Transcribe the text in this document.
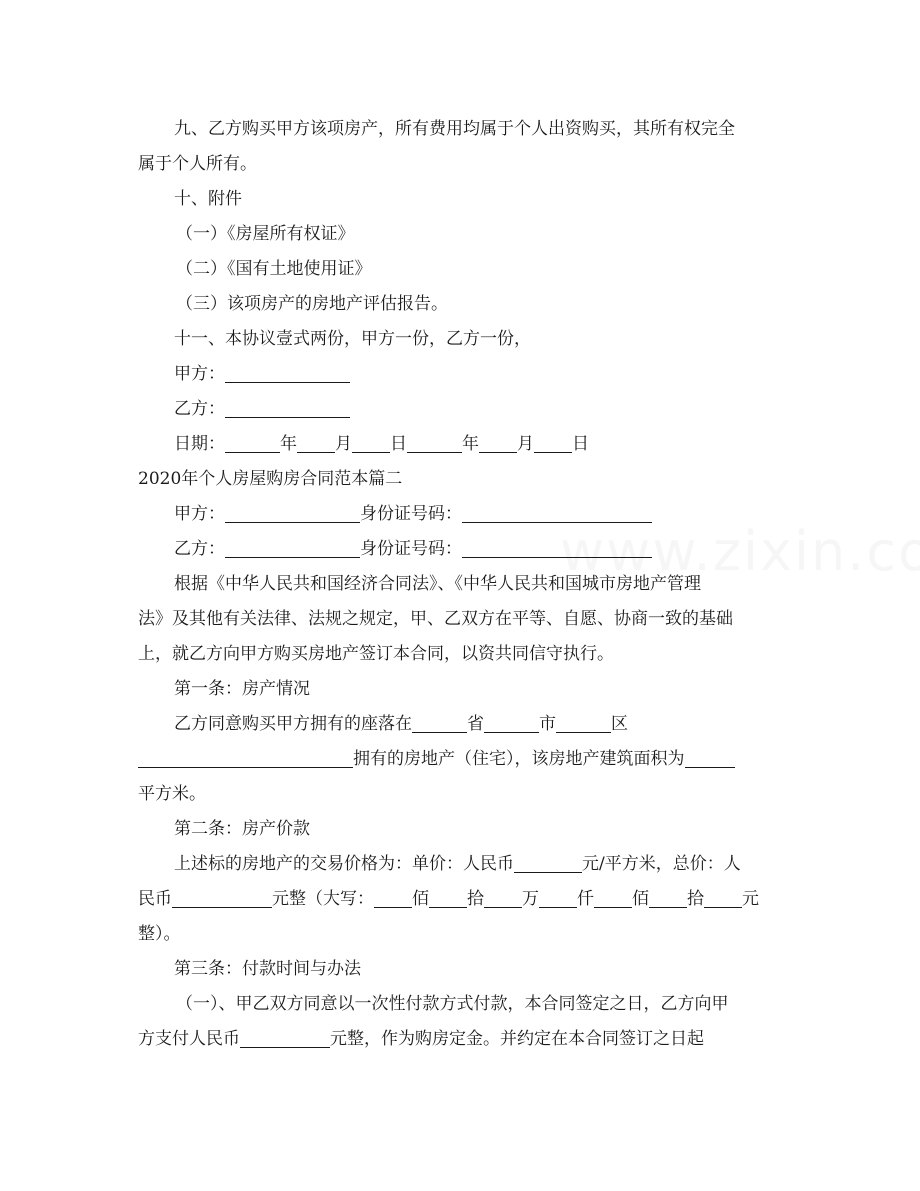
九、乙方购买甲方该项房产，所有费用均属于个人出资购买，其所有权完全

属于个人所有。

十、附件

（一）《房屋所有权证》

（二）《国有土地使用证》

（三）该项房产的房地产评估报告。

十一、本协议壹式两份，甲方一份，乙方一份，

甲方：

乙方：

日期：	年 月 日	年 月 日

2020年个人房屋购房合同范本篇二

甲方：	身份证号码：

乙方：	身份证号码：

根据《中华人民共和国经济合同法》、《中华人民共和国城市房地产管理

法》及其他有关法律、法规之规定，甲、乙双方在平等、自愿、协商一致的基础

上，就乙方向甲方购买房地产签订本合同，以资共同信守执行。

第一条：房产情况

乙方同意购买甲方拥有的座落在	省	市	区

拥有的房地产（住宅），该房地产建筑面积为

平方米。

第二条：房产价款

上述标的房地产的交易价格为：单价：人民币	元/平方米，总价：人

民币	元整（大写： 佰 拾 万 仟 佰 拾 元

整）。

第三条：付款时间与办法

（一）、甲乙双方同意以一次性付款方式付款，本合同签定之日，乙方向甲

方支付人民币	元整，作为购房定金。并约定在本合同签订之日起
